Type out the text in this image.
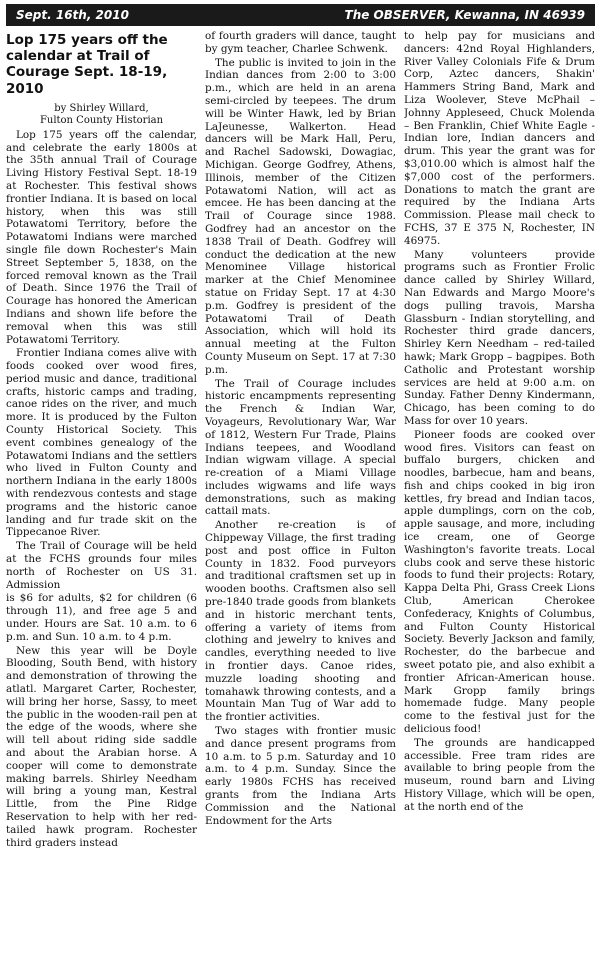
Sept. 16th, 2010	The OBSERVER, Kewanna, IN 46939
Lop 175 years off the calendar at Trail of Courage Sept. 18-19, 2010
by Shirley Willard,
Fulton County Historian

Lop 175 years off the calendar, and celebrate the early 1800s at the 35th annual Trail of Courage Living History Festival Sept. 18-19 at Rochester. This festival shows frontier Indiana. It is based on local history, when this was still Potawatomi Territory, before the Potawatomi Indians were marched single file down Rochester's Main Street September 5, 1838, on the forced removal known as the Trail of Death. Since 1976 the Trail of Courage has honored the American Indians and shown life before the removal when this was still Potawatomi Territory.

Frontier Indiana comes alive with foods cooked over wood fires, period music and dance, traditional crafts, historic camps and trading, canoe rides on the river, and much more. It is produced by the Fulton County Historical Society. This event combines genealogy of the Potawatomi Indians and the settlers who lived in Fulton County and northern Indiana in the early 1800s with rendezvous contests and stage programs and the historic canoe landing and fur trade skit on the Tippecanoe River.

The Trail of Courage will be held at the FCHS grounds four miles north of Rochester on US 31. Admission

is $6 for adults, $2 for children (6 through 11), and free age 5 and under. Hours are Sat. 10 a.m. to 6 p.m. and Sun. 10 a.m. to 4 p.m.

New this year will be Doyle Blooding, South Bend, with history and demonstration of throwing the atlatl. Margaret Carter, Rochester, will bring her horse, Sassy, to meet the public in the wooden-rail pen at the edge of the woods, where she will tell about riding side saddle and about the Arabian horse. A cooper will come to demonstrate making barrels. Shirley Needham will bring a young man, Kestral Little, from the Pine Ridge Reservation to help with her red-tailed hawk program. Rochester third graders instead

of fourth graders will dance, taught by gym teacher, Charlee Schwenk.

The public is invited to join in the Indian dances from 2:00 to 3:00 p.m., which are held in an arena semi-circled by teepees. The drum will be Winter Hawk, led by Brian LaJeunesse, Walkerton. Head dancers will be Mark Hall, Peru, and Rachel Sadowski, Dowagiac, Michigan. George Godfrey, Athens, Illinois, member of the Citizen Potawatomi Nation, will act as emcee. He has been dancing at the Trail of Courage since 1988. Godfrey had an ancestor on the 1838 Trail of Death. Godfrey will conduct the dedication at the new Menominee Village historical marker at the Chief Menominee statue on Friday Sept. 17 at 4:30 p.m. Godfrey is president of the Potawatomi Trail of Death Association, which will hold its annual meeting at the Fulton County Museum on Sept. 17 at 7:30 p.m.

The Trail of Courage includes historic encampments representing the French & Indian War, Voyageurs, Revolutionary War, War of 1812, Western Fur Trade, Plains Indians teepees, and Woodland Indian wigwam village. A special re-creation of a Miami Village includes wigwams and life ways demonstrations, such as making cattail mats.

Another re-creation is of Chippeway Village, the first trading post and post office in Fulton County in 1832. Food purveyors and traditional craftsmen set up in wooden booths. Craftsmen also sell pre-1840 trade goods from blankets and in historic merchant tents, offering a variety of items from clothing and jewelry to knives and candles, everything needed to live in frontier days. Canoe rides, muzzle loading shooting and tomahawk throwing contests, and a Mountain Man Tug of War add to the frontier activities.

Two stages with frontier music and dance present programs from 10 a.m. to 5 p.m. Saturday and 10 a.m. to 4 p.m. Sunday. Since the early 1980s FCHS has received grants from the Indiana Arts Commission and the National Endowment for the Arts

to help pay for musicians and dancers: 42nd Royal Highlanders, River Valley Colonials Fife & Drum Corp, Aztec dancers, Shakin' Hammers String Band, Mark and Liza Woolever, Steve McPhail – Johnny Appleseed, Chuck Molenda – Ben Franklin, Chief White Eagle - Indian lore, Indian dancers and drum. This year the grant was for $3,010.00 which is almost half the $7,000 cost of the performers. Donations to match the grant are required by the Indiana Arts Commission. Please mail check to FCHS, 37 E 375 N, Rochester, IN 46975.

Many volunteers provide programs such as Frontier Frolic dance called by Shirley Willard, Nan Edwards and Margo Moore's dogs pulling travois, Marsha Glassburn - Indian storytelling, and Rochester third grade dancers, Shirley Kern Needham – red-tailed hawk; Mark Gropp – bagpipes. Both Catholic and Protestant worship services are held at 9:00 a.m. on Sunday. Father Denny Kindermann, Chicago, has been coming to do Mass for over 10 years.

Pioneer foods are cooked over wood fires. Visitors can feast on buffalo burgers, chicken and noodles, barbecue, ham and beans, fish and chips cooked in big iron kettles, fry bread and Indian tacos, apple dumplings, corn on the cob, apple sausage, and more, including ice cream, one of George Washington's favorite treats. Local clubs cook and serve these historic foods to fund their projects: Rotary, Kappa Delta Phi, Grass Creek Lions Club, American Cherokee Confederacy, Knights of Columbus, and Fulton County Historical Society. Beverly Jackson and family, Rochester, do the barbecue and sweet potato pie, and also exhibit a frontier African-American house. Mark Gropp family brings homemade fudge. Many people come to the festival just for the delicious food!

The grounds are handicapped accessible. Free tram rides are available to bring people from the museum, round barn and Living History Village, which will be open, at the north end of the
